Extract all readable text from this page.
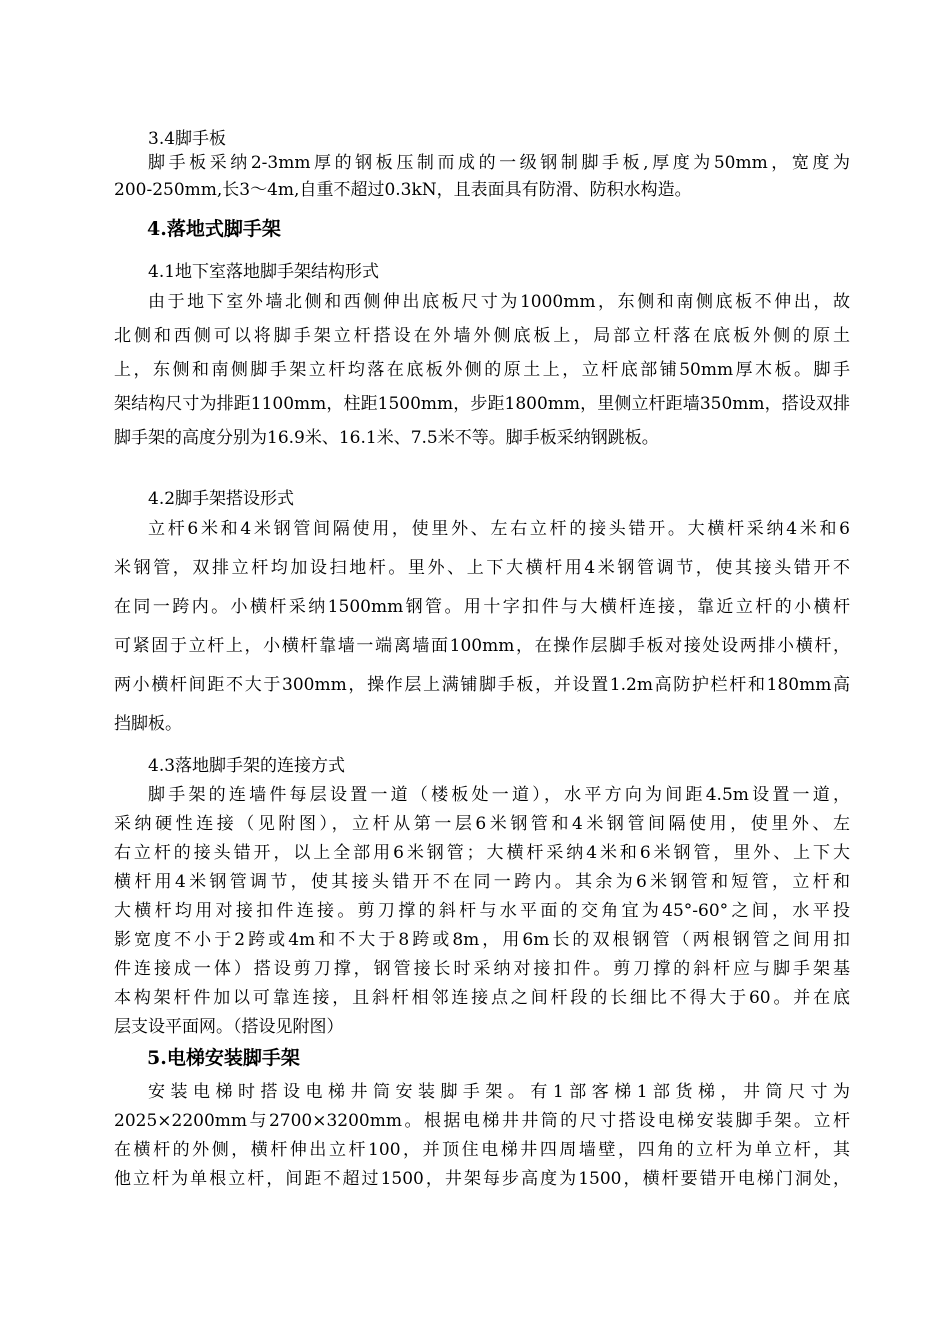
3.4脚手板
脚手板采纳2-3mm厚的钢板压制而成的一级钢制脚手板,厚度为50mm，宽度为
200-250mm,长3～4m,自重不超过0.3kN，且表面具有防滑、防积水构造。
4.落地式脚手架
4.1地下室落地脚手架结构形式
由于地下室外墙北侧和西侧伸出底板尺寸为1000mm，东侧和南侧底板不伸出，故
北侧和西侧可以将脚手架立杆搭设在外墙外侧底板上，局部立杆落在底板外侧的原土
上，东侧和南侧脚手架立杆均落在底板外侧的原土上，立杆底部铺50mm厚木板。脚手
架结构尺寸为排距1100mm，柱距1500mm，步距1800mm，里侧立杆距墙350mm，搭设双排
脚手架的高度分别为16.9米、16.1米、7.5米不等。脚手板采纳钢跳板。
4.2脚手架搭设形式
立杆6米和4米钢管间隔使用，使里外、左右立杆的接头错开。大横杆采纳4米和6
米钢管，双排立杆均加设扫地杆。里外、上下大横杆用4米钢管调节，使其接头错开不
在同一跨内。小横杆采纳1500mm钢管。用十字扣件与大横杆连接，靠近立杆的小横杆
可紧固于立杆上，小横杆靠墙一端离墙面100mm，在操作层脚手板对接处设两排小横杆，
两小横杆间距不大于300mm，操作层上满铺脚手板，并设置1.2m高防护栏杆和180mm高
挡脚板。
4.3落地脚手架的连接方式
脚手架的连墙件每层设置一道（楼板处一道），水平方向为间距4.5m设置一道，
采纳硬性连接（见附图），立杆从第一层6米钢管和4米钢管间隔使用，使里外、左
右立杆的接头错开，以上全部用6米钢管；大横杆采纳4米和6米钢管，里外、上下大
横杆用4米钢管调节，使其接头错开不在同一跨内。其余为6米钢管和短管，立杆和
大横杆均用对接扣件连接。剪刀撑的斜杆与水平面的交角宜为45°-60°之间，水平投
影宽度不小于2跨或4m和不大于8跨或8m，用6m长的双根钢管（两根钢管之间用扣
件连接成一体）搭设剪刀撑，钢管接长时采纳对接扣件。剪刀撑的斜杆应与脚手架基
本构架杆件加以可靠连接，且斜杆相邻连接点之间杆段的长细比不得大于60。并在底
层支设平面网。（搭设见附图）
5.电梯安装脚手架
安装电梯时搭设电梯井筒安装脚手架。有1部客梯1部货梯，井筒尺寸为
2025×2200mm与2700×3200mm。根据电梯井井筒的尺寸搭设电梯安装脚手架。立杆
在横杆的外侧，横杆伸出立杆100，并顶住电梯井四周墙壁，四角的立杆为单立杆，其
他立杆为单根立杆，间距不超过1500，井架每步高度为1500，横杆要错开电梯门洞处，
